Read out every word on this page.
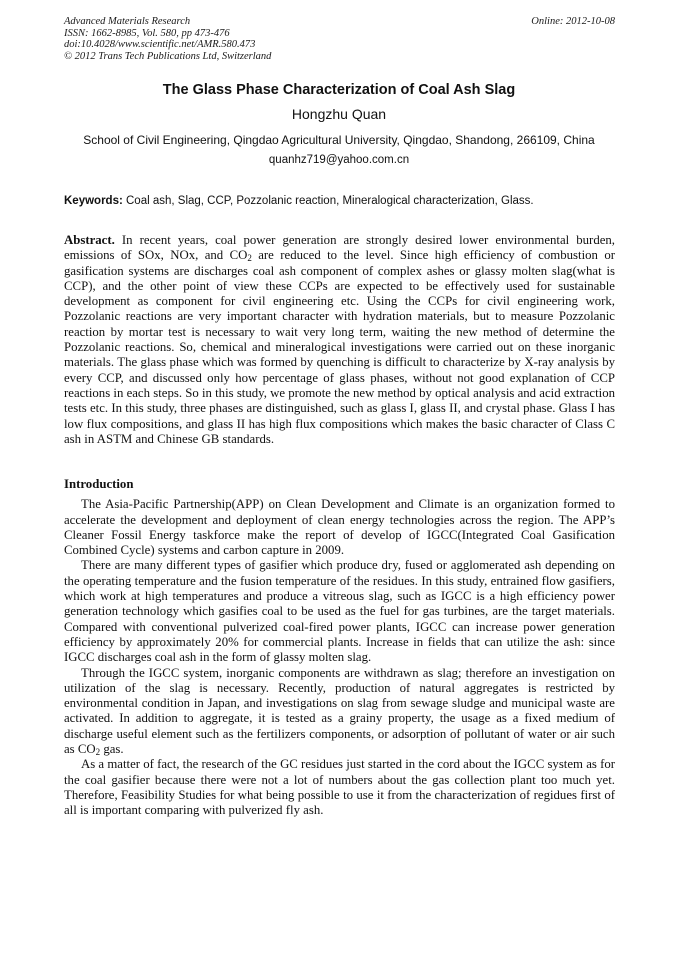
Advanced Materials Research
ISSN: 1662-8985, Vol. 580, pp 473-476
doi:10.4028/www.scientific.net/AMR.580.473
© 2012 Trans Tech Publications Ltd, Switzerland
Online: 2012-10-08
The Glass Phase Characterization of Coal Ash Slag
Hongzhu Quan
School of Civil Engineering, Qingdao Agricultural University, Qingdao, Shandong, 266109, China
quanhz719@yahoo.com.cn
Keywords: Coal ash, Slag, CCP, Pozzolanic reaction, Mineralogical characterization, Glass.

Abstract. In recent years, coal power generation are strongly desired lower environmental burden, emissions of SOx, NOx, and $CO_2$ are reduced to the level. Since high efficiency of combustion or gasification systems are discharges coal ash component of complex ashes or glassy molten slag(what is CCP), and the other point of view these CCPs are expected to be effectively used for sustainable development as component for civil engineering etc. Using the CCPs for civil engineering work, Pozzolanic reactions are very important character with hydration materials, but to measure Pozzolanic reaction by mortar test is necessary to wait very long term, waiting the new method of determine the Pozzolanic reactions. So, chemical and mineralogical investigations were carried out on these inorganic materials. The glass phase which was formed by quenching is difficult to characterize by X-ray analysis by every CCP, and discussed only how percentage of glass phases, without not good explanation of CCP reactions in each steps. So in this study, we promote the new method by optical analysis and acid extraction tests etc. In this study, three phases are distinguished, such as glass I, glass II, and crystal phase. Glass I has low flux compositions, and glass II has high flux compositions which makes the basic character of Class C ash in ASTM and Chinese GB standards.

Introduction

The Asia-Pacific Partnership(APP) on Clean Development and Climate is an organization formed to accelerate the development and deployment of clean energy technologies across the region. The APP’s Cleaner Fossil Energy taskforce make the report of develop of IGCC(Integrated Coal Gasification Combined Cycle) systems and carbon capture in 2009.

There are many different types of gasifier which produce dry, fused or agglomerated ash depending on the operating temperature and the fusion temperature of the residues. In this study, entrained flow gasifiers, which work at high temperatures and produce a vitreous slag, such as IGCC is a high efficiency power generation technology which gasifies coal to be used as the fuel for gas turbines, are the target materials. Compared with conventional pulverized coal-fired power plants, IGCC can increase power generation efficiency by approximately 20% for commercial plants. Increase in fields that can utilize the ash: since IGCC discharges coal ash in the form of glassy molten slag.

Through the IGCC system, inorganic components are withdrawn as slag; therefore an investigation on utilization of the slag is necessary. Recently, production of natural aggregates is restricted by environmental condition in Japan, and investigations on slag from sewage sludge and municipal waste are activated. In addition to aggregate, it is tested as a grainy property, the usage as a fixed medium of discharge useful element such as the fertilizers components, or adsorption of pollutant of water or air such as $CO_2$ gas.

As a matter of fact, the research of the GC residues just started in the cord about the IGCC system as for the coal gasifier because there were not a lot of numbers about the gas collection plant too much yet. Therefore, Feasibility Studies for what being possible to use it from the characterization of regidues first of all is important comparing with pulverized fly ash.
